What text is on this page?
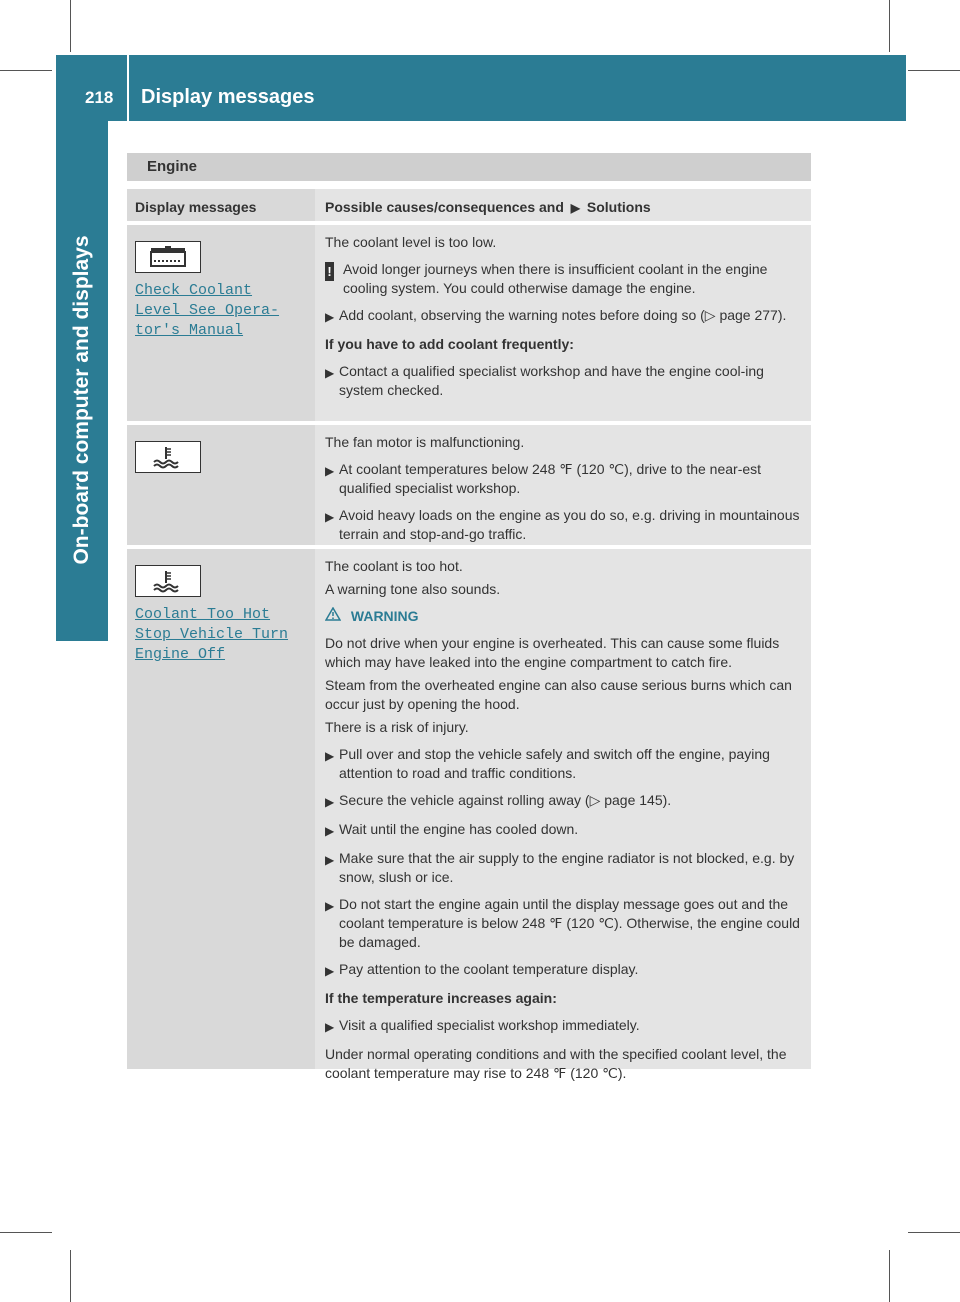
218 Display messages
On-board computer and displays
Engine
Display messages	Possible causes/consequences and ▶ Solutions
Check Coolant
Level See Opera‐
tor's Manual

The coolant level is too low.

! Avoid longer journeys when there is insufficient coolant in the engine cooling system. You could otherwise damage the engine.

▶ Add coolant, observing the warning notes before doing so (▷ page 277).

If you have to add coolant frequently:

▶ Contact a qualified specialist workshop and have the engine cool-ing system checked.

The fan motor is malfunctioning.

▶ At coolant temperatures below 248 ℉ (120 ℃), drive to the near-est qualified specialist workshop.

▶ Avoid heavy loads on the engine as you do so, e.g. driving in mountainous terrain and stop-and-go traffic.

Coolant Too Hot
Stop Vehicle Turn
Engine Off

The coolant is too hot.

A warning tone also sounds.

WARNING

Do not drive when your engine is overheated. This can cause some fluids which may have leaked into the engine compartment to catch fire.

Steam from the overheated engine can also cause serious burns which can occur just by opening the hood.

There is a risk of injury.

▶ Pull over and stop the vehicle safely and switch off the engine, paying attention to road and traffic conditions.

▶ Secure the vehicle against rolling away (▷ page 145).

▶ Wait until the engine has cooled down.

▶ Make sure that the air supply to the engine radiator is not blocked, e.g. by snow, slush or ice.

▶ Do not start the engine again until the display message goes out and the coolant temperature is below 248 ℉ (120 ℃). Otherwise, the engine could be damaged.

▶ Pay attention to the coolant temperature display.

If the temperature increases again:

▶ Visit a qualified specialist workshop immediately.

Under normal operating conditions and with the specified coolant level, the coolant temperature may rise to 248 ℉ (120 ℃).
